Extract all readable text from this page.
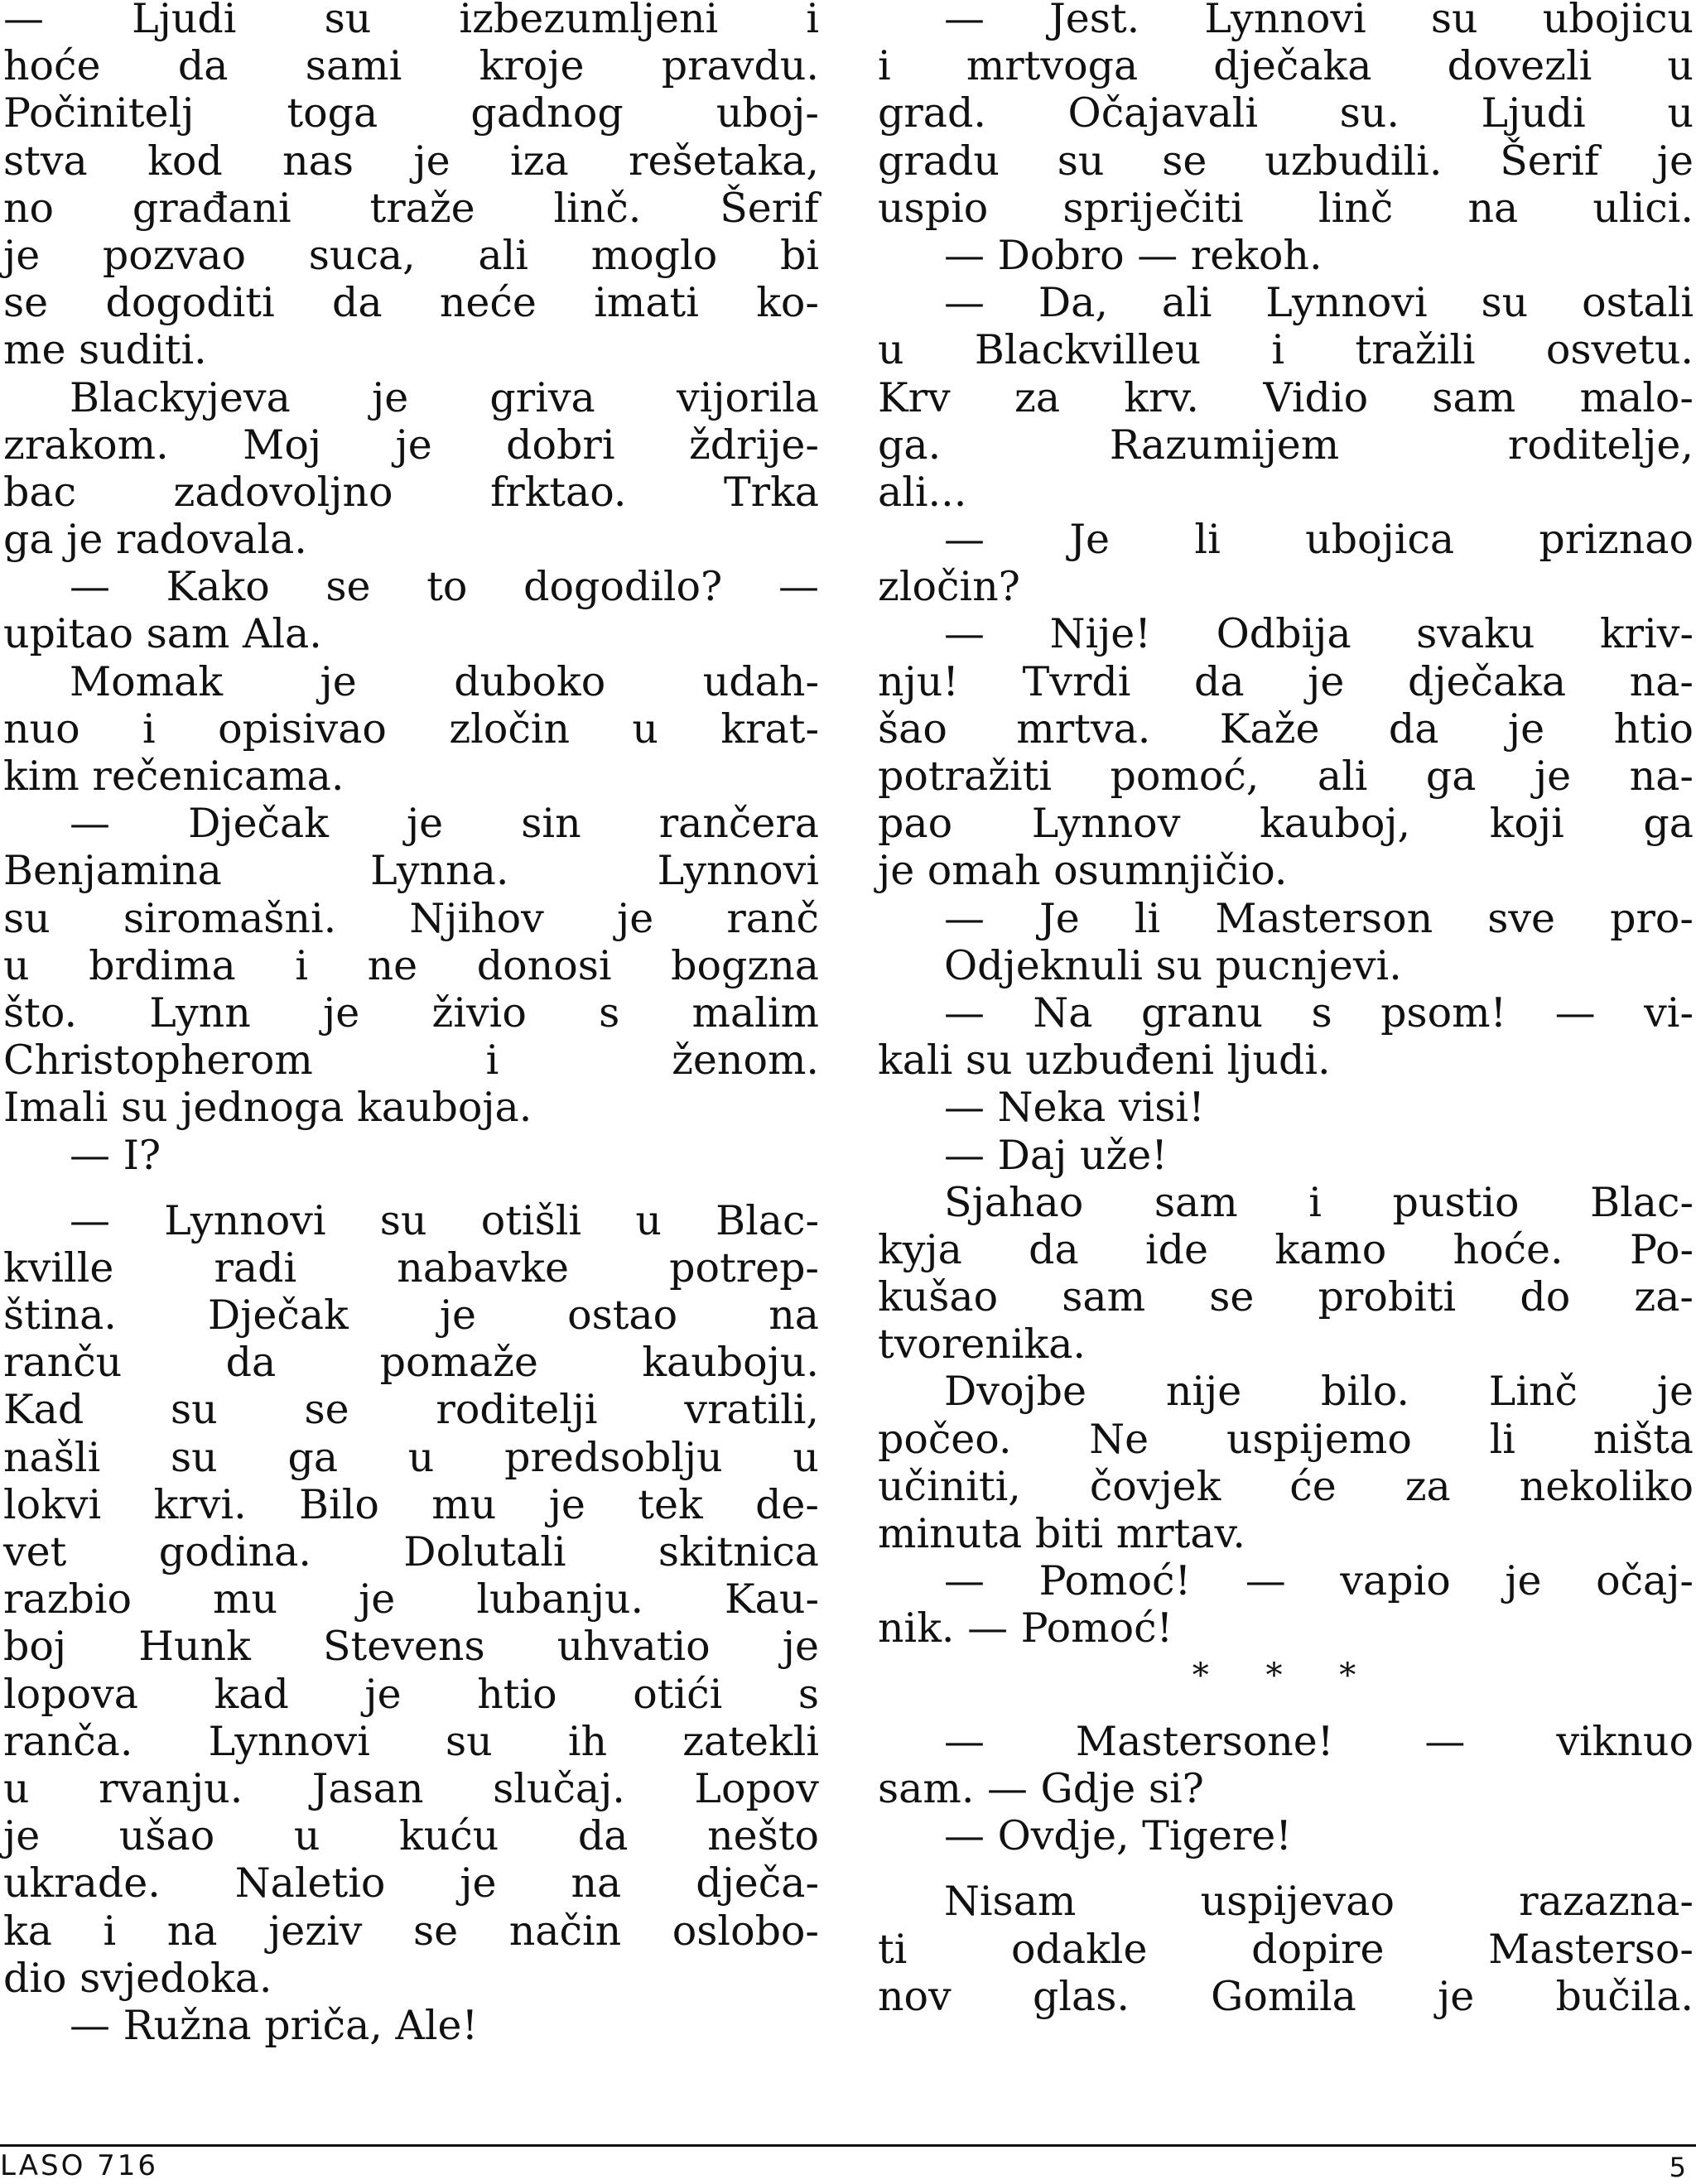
— Ljudi su izbezumljeni i
hoće da sami kroje pravdu.
Počinitelj toga gadnog uboj-
stva kod nas je iza rešetaka,
no građani traže linč. Šerif
je pozvao suca, ali moglo bi
se dogoditi da neće imati ko-
me suditi.
Blackyjeva je griva vijorila
zrakom. Moj je dobri ždrije-
bac zadovoljno frktao. Trka
ga je radovala.
— Kako se to dogodilo? —
upitao sam Ala.
Momak je duboko udah-
nuo i opisivao zločin u krat-
kim rečenicama.
— Dječak je sin rančera
Benjamina Lynna. Lynnovi
su siromašni. Njihov je ranč
u brdima i ne donosi bogzna
što. Lynn je živio s malim
Christopherom i ženom.
Imali su jednoga kauboja.
— I?
— Lynnovi su otišli u Blac-
kville radi nabavke potrep-
ština. Dječak je ostao na
ranču da pomaže kauboju.
Kad su se roditelji vratili,
našli su ga u predsoblju u
lokvi krvi. Bilo mu je tek de-
vet godina. Dolutali skitnica
razbio mu je lubanju. Kau-
boj Hunk Stevens uhvatio je
lopova kad je htio otići s
ranča. Lynnovi su ih zatekli
u rvanju. Jasan slučaj. Lopov
je ušao u kuću da nešto
ukrade. Naletio je na dječa-
ka i na jeziv se način oslobo-
dio svjedoka.
— Ružna priča, Ale!
— Jest. Lynnovi su ubojicu
i mrtvoga dječaka dovezli u
grad. Očajavali su. Ljudi u
gradu su se uzbudili. Šerif je
uspio spriječiti linč na ulici.
— Dobro — rekoh.
— Da, ali Lynnovi su ostali
u Blackvilleu i tražili osvetu.
Krv za krv. Vidio sam malo-
ga. Razumijem roditelje,
ali...
— Je li ubojica priznao
zločin?
— Nije! Odbija svaku kriv-
nju! Tvrdi da je dječaka na-
šao mrtva. Kaže da je htio
potražiti pomoć, ali ga je na-
pao Lynnov kauboj, koji ga
je omah osumnjičio.
— Je li Masterson sve pro-
Odjeknuli su pucnjevi.
— Na granu s psom! — vi-
kali su uzbuđeni ljudi.
— Neka visi!
— Daj uže!
Sjahao sam i pustio Blac-
kyja da ide kamo hoće. Po-
kušao sam se probiti do za-
tvorenika.
Dvojbe nije bilo. Linč je
počeo. Ne uspijemo li ništa
učiniti, čovjek će za nekoliko
minuta biti mrtav.
— Pomoć! — vapio je očaj-
nik. — Pomoć!
* * *
— Mastersone! — viknuo
sam. — Gdje si?
— Ovdje, Tigere!
Nisam uspijevao razazna-
ti odakle dopire Masterso-
nov glas. Gomila je bučila.
LASO 716	5
